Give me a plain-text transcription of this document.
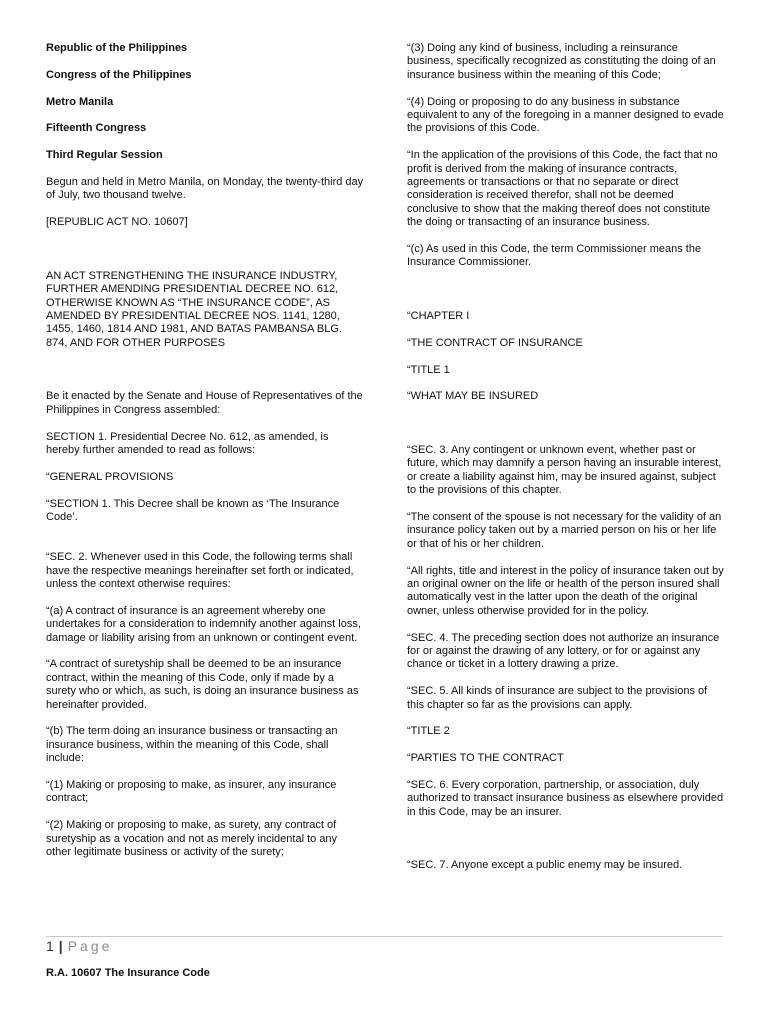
Republic of the Philippines

Congress of the Philippines

Metro Manila

Fifteenth Congress

Third Regular Session

Begun and held in Metro Manila, on Monday, the twenty-third day of July, two thousand twelve.

[REPUBLIC ACT NO. 10607]

AN ACT STRENGTHENING THE INSURANCE INDUSTRY, FURTHER AMENDING PRESIDENTIAL DECREE NO. 612, OTHERWISE KNOWN AS “THE INSURANCE CODE”, AS AMENDED BY PRESIDENTIAL DECREE NOS. 1141, 1280, 1455, 1460, 1814 AND 1981, AND BATAS PAMBANSA BLG. 874, AND FOR OTHER PURPOSES

Be it enacted by the Senate and House of Representatives of the Philippines in Congress assembled:

SECTION 1. Presidential Decree No. 612, as amended, is hereby further amended to read as follows:

“GENERAL PROVISIONS

“SECTION 1. This Decree shall be known as ‘The Insurance Code’.

“SEC. 2. Whenever used in this Code, the following terms shall have the respective meanings hereinafter set forth or indicated, unless the context otherwise requires:

“(a) A contract of insurance is an agreement whereby one undertakes for a consideration to indemnify another against loss, damage or liability arising from an unknown or contingent event.

“A contract of suretyship shall be deemed to be an insurance contract, within the meaning of this Code, only if made by a surety who or which, as such, is doing an insurance business as hereinafter provided.

“(b) The term doing an insurance business or transacting an insurance business, within the meaning of this Code, shall include:

“(1) Making or proposing to make, as insurer, any insurance contract;

“(2) Making or proposing to make, as surety, any contract of suretyship as a vocation and not as merely incidental to any other legitimate business or activity of the surety;

“(3) Doing any kind of business, including a reinsurance business, specifically recognized as constituting the doing of an insurance business within the meaning of this Code;

“(4) Doing or proposing to do any business in substance equivalent to any of the foregoing in a manner designed to evade the provisions of this Code.

“In the application of the provisions of this Code, the fact that no profit is derived from the making of insurance contracts, agreements or transactions or that no separate or direct consideration is received therefor, shall not be deemed conclusive to show that the making thereof does not constitute the doing or transacting of an insurance business.

“(c) As used in this Code, the term Commissioner means the Insurance Commissioner.

“CHAPTER I

“THE CONTRACT OF INSURANCE

“TITLE 1

“WHAT MAY BE INSURED

“SEC. 3. Any contingent or unknown event, whether past or future, which may damnify a person having an insurable interest, or create a liability against him, may be insured against, subject to the provisions of this chapter.

“The consent of the spouse is not necessary for the validity of an insurance policy taken out by a married person on his or her life or that of his or her children.

“All rights, title and interest in the policy of insurance taken out by an original owner on the life or health of the person insured shall automatically vest in the latter upon the death of the original owner, unless otherwise provided for in the policy.

“SEC. 4. The preceding section does not authorize an insurance for or against the drawing of any lottery, or for or against any chance or ticket in a lottery drawing a prize.

“SEC. 5. All kinds of insurance are subject to the provisions of this chapter so far as the provisions can apply.

“TITLE 2

“PARTIES TO THE CONTRACT

“SEC. 6. Every corporation, partnership, or association, duly authorized to transact insurance business as elsewhere provided in this Code, may be an insurer.

“SEC. 7. Anyone except a public enemy may be insured.

1 | Page
R.A. 10607 The Insurance Code
